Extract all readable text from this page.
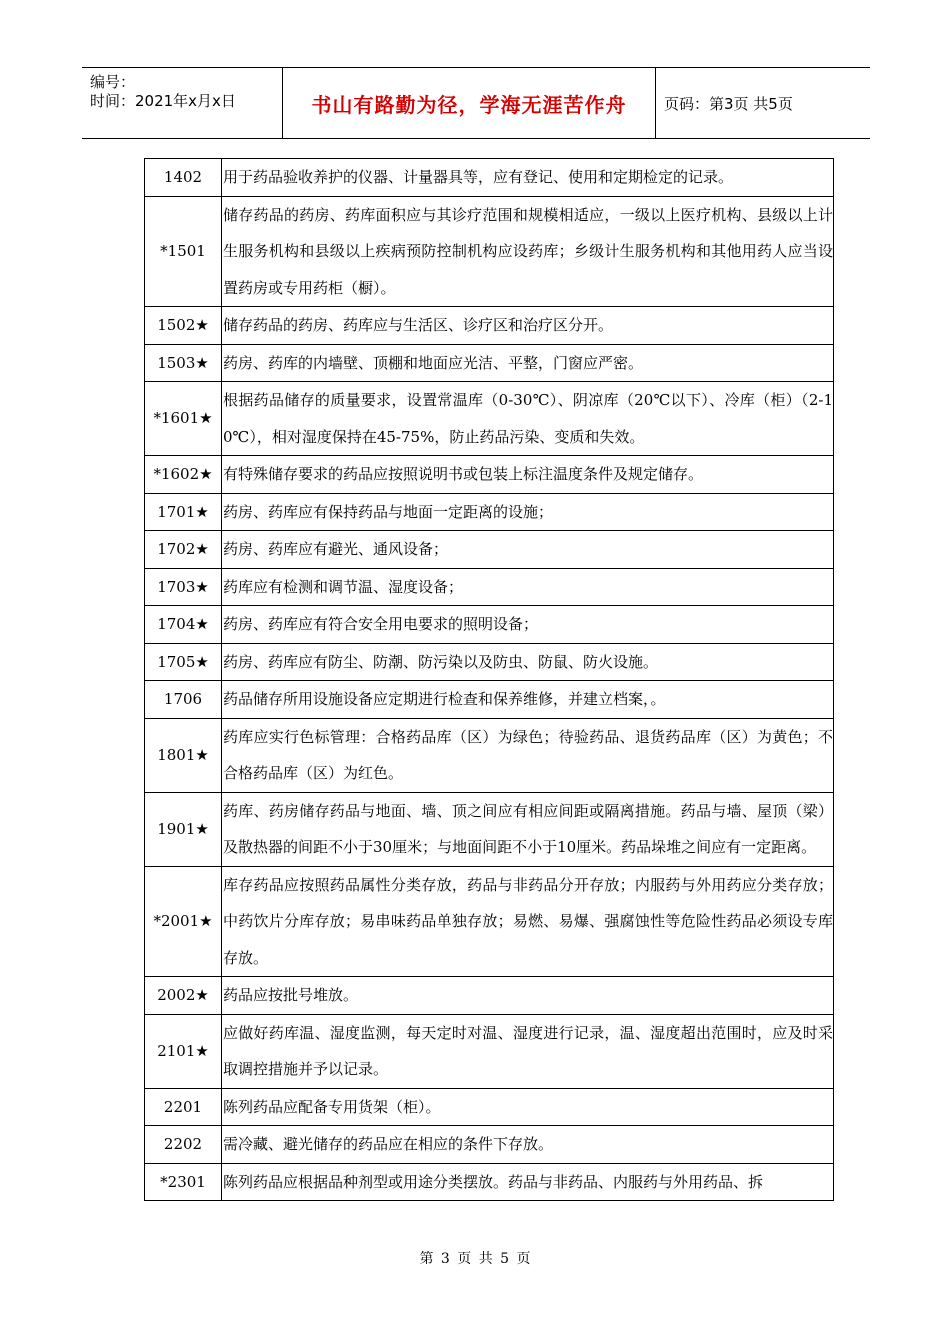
编号：
时间：2021年x月x日	书山有路勤为径，学海无涯苦作舟	页码：第3页 共5页
1402	用于药品验收养护的仪器、计量器具等，应有登记、使用和定期检定的记录。
*1501	储存药品的药房、药库面积应与其诊疗范围和规模相适应，一级以上医疗机构、县级以上计生服务机构和县级以上疾病预防控制机构应设药库；乡级计生服务机构和其他用药人应当设置药房或专用药柜（橱）。
1502★	储存药品的药房、药库应与生活区、诊疗区和治疗区分开。
1503★	药房、药库的内墙壁、顶棚和地面应光洁、平整，门窗应严密。
*1601★	根据药品储存的质量要求，设置常温库（0-30℃）、阴凉库（20℃以下）、冷库（柜）（2-10℃），相对湿度保持在45-75%，防止药品污染、变质和失效。
*1602★	有特殊储存要求的药品应按照说明书或包装上标注温度条件及规定储存。
1701★	药房、药库应有保持药品与地面一定距离的设施；
1702★	药房、药库应有避光、通风设备；
1703★	药库应有检测和调节温、湿度设备；
1704★	药房、药库应有符合安全用电要求的照明设备；
1705★	药房、药库应有防尘、防潮、防污染以及防虫、防鼠、防火设施。
1706	药品储存所用设施设备应定期进行检查和保养维修，并建立档案，。
1801★	药库应实行色标管理：合格药品库（区）为绿色；待验药品、退货药品库（区）为黄色；不合格药品库（区）为红色。
1901★	药库、药房储存药品与地面、墙、顶之间应有相应间距或隔离措施。药品与墙、屋顶（梁）及散热器的间距不小于30厘米；与地面间距不小于10厘米。药品垛堆之间应有一定距离。
*2001★	库存药品应按照药品属性分类存放，药品与非药品分开存放；内服药与外用药应分类存放；中药饮片分库存放；易串味药品单独存放；易燃、易爆、强腐蚀性等危险性药品必须设专库存放。
2002★	药品应按批号堆放。
2101★	应做好药库温、湿度监测，每天定时对温、湿度进行记录，温、湿度超出范围时，应及时采取调控措施并予以记录。
2201	陈列药品应配备专用货架（柜）。
2202	需冷藏、避光储存的药品应在相应的条件下存放。
*2301	陈列药品应根据品种剂型或用途分类摆放。药品与非药品、内服药与外用药品、拆
第 3 页 共 5 页
